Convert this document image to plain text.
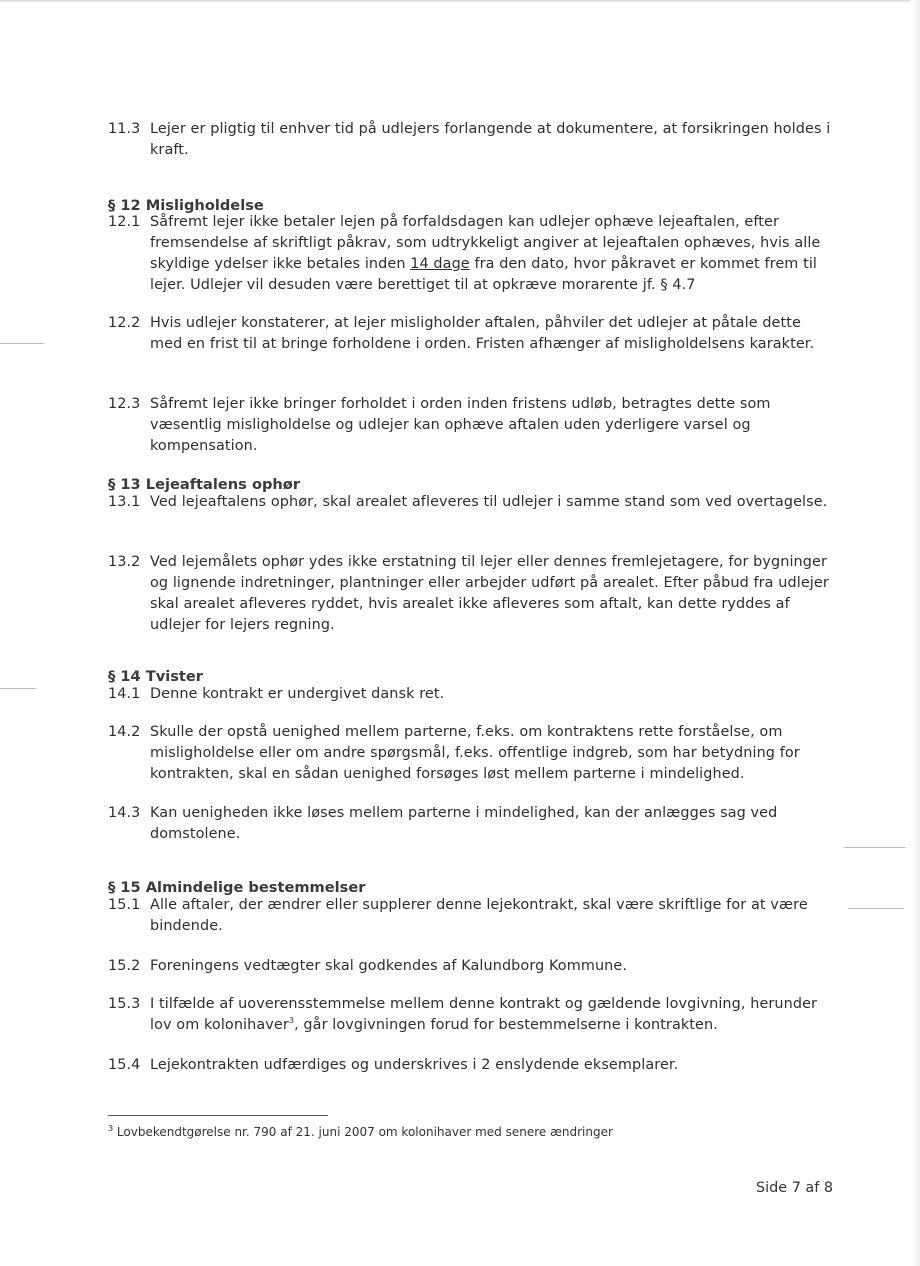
11.3 Lejer er pligtig til enhver tid på udlejers forlangende at dokumentere, at forsikringen holdes i kraft.
§ 12 Misligholdelse
12.1 Såfremt lejer ikke betaler lejen på forfaldsdagen kan udlejer ophæve lejeaftalen, efter fremsendelse af skriftligt påkrav, som udtrykkeligt angiver at lejeaftalen ophæves, hvis alle skyldige ydelser ikke betales inden 14 dage fra den dato, hvor påkravet er kommet frem til lejer. Udlejer vil desuden være berettiget til at opkræve morarente jf. § 4.7
12.2 Hvis udlejer konstaterer, at lejer misligholder aftalen, påhviler det udlejer at påtale dette med en frist til at bringe forholdene i orden. Fristen afhænger af misligholdelsens karakter.
12.3 Såfremt lejer ikke bringer forholdet i orden inden fristens udløb, betragtes dette som væsentlig misligholdelse og udlejer kan ophæve aftalen uden yderligere varsel og kompensation.
§ 13 Lejeaftalens ophør
13.1 Ved lejeaftalens ophør, skal arealet afleveres til udlejer i samme stand som ved overtagelse.
13.2 Ved lejemålets ophør ydes ikke erstatning til lejer eller dennes fremlejetagere, for bygninger og lignende indretninger, plantninger eller arbejder udført på arealet. Efter påbud fra udlejer skal arealet afleveres ryddet, hvis arealet ikke afleveres som aftalt, kan dette ryddes af udlejer for lejers regning.
§ 14 Tvister
14.1 Denne kontrakt er undergivet dansk ret.
14.2 Skulle der opstå uenighed mellem parterne, f.eks. om kontraktens rette forståelse, om misligholdelse eller om andre spørgsmål, f.eks. offentlige indgreb, som har betydning for kontrakten, skal en sådan uenighed forsøges løst mellem parterne i mindelighed.
14.3 Kan uenigheden ikke løses mellem parterne i mindelighed, kan der anlægges sag ved domstolene.
§ 15 Almindelige bestemmelser
15.1 Alle aftaler, der ændrer eller supplerer denne lejekontrakt, skal være skriftlige for at være bindende.
15.2 Foreningens vedtægter skal godkendes af Kalundborg Kommune.
15.3 I tilfælde af uoverensstemmelse mellem denne kontrakt og gældende lovgivning, herunder lov om kolonihaver$^3$, går lovgivningen forud for bestemmelserne i kontrakten.
15.4 Lejekontrakten udfærdiges og underskrives i 2 enslydende eksemplarer.
$^3$ Lovbekendtgørelse nr. 790 af 21. juni 2007 om kolonihaver med senere ændringer
Side 7 af 8
